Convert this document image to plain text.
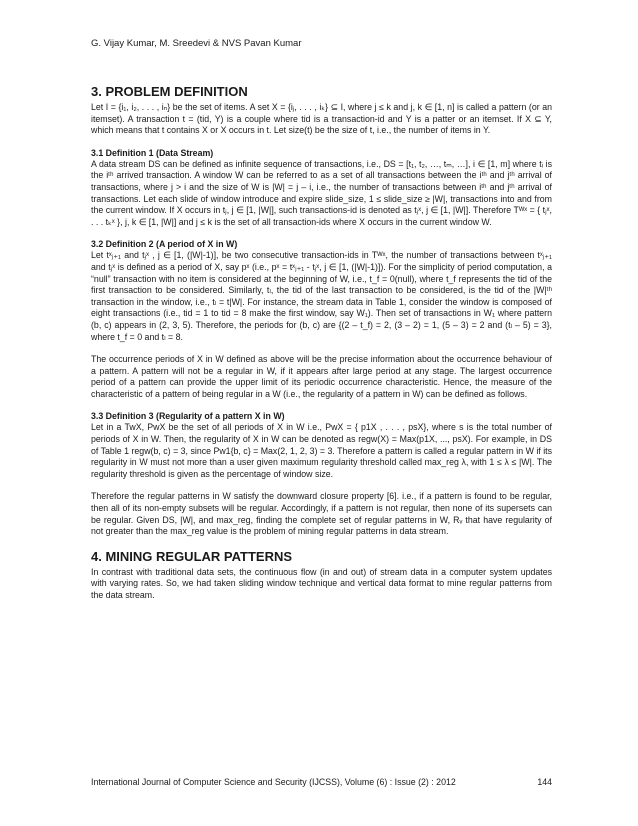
G. Vijay Kumar, M. Sreedevi & NVS Pavan Kumar
3. PROBLEM DEFINITION

Let I = {i₁, i₂, . . . , iₙ} be the set of items. A set X = {iⱼ, . . . , iₖ} ⊆ I, where j ≤ k and j, k ∈ [1, n] is called a pattern (or an itemset). A transaction t = (tid, Y) is a couple where tid is a transaction-id and Y is a patter or an itemset. If X ⊆ Y, which means that t contains X or X occurs in t. Let size(t) be the size of t, i.e., the number of items in Y.

3.1 Definition 1 (Data Stream)

A data stream DS can be defined as infinite sequence of transactions, i.e., DS = [t₁, t₂, …, tₘ, …], i ∈ [1, m] where tᵢ is the iᵗʰ arrived transaction. A window W can be referred to as a set of all transactions between the iᵗʰ and jᵗʰ arrival of transactions, where j > i and the size of W is |W| = j – i, i.e., the number of transactions between iᵗʰ and jᵗʰ arrival of transactions. Let each slide of window introduce and expire slide_size, 1 ≤ slide_size ≥ |W|, transactions into and from the current window. If X occurs in tⱼ, j ∈ [1, |W|], such transactions-id is denoted as tⱼˣ, j ∈ [1, |W|]. Therefore Tᵂˣ = { tⱼˣ, . . . tₖˣ }, j, k ∈ [1, |W|] and j ≤ k is the set of all transaction-ids where X occurs in the current window W.

3.2 Definition 2 (A period of X in W)

Let tˣⱼ₊₁ and tⱼˣ , j ∈ [1, (|W|-1)], be two consecutive transaction-ids in Tᵂˣ, the number of transactions between tˣⱼ₊₁ and tⱼˣ is defined as a period of X, say pˣ (i.e., pˣ = tˣⱼ₊₁ - tⱼˣ, j ∈ [1, (|W|-1)]). For the simplicity of period computation, a “null” transaction with no item is considered at the beginning of W, i.e., t_f = 0(null), where t_f represents the tid of the first transaction to be considered. Similarly, tₗ, the tid of the last transaction to be considered, is the tid of the |W|ᵗʰ transaction in the window, i.e., tₗ = t|W|. For instance, the stream data in Table 1, consider the window is composed of eight transactions (i.e., tid = 1 to tid = 8 make the first window, say W₁). Then set of transactions in W₁ where pattern (b, c) appears in (2, 3, 5). Therefore, the periods for (b, c) are {(2 – t_f) = 2, (3 – 2) = 1, (5 – 3) = 2 and (tₗ – 5) = 3}, where t_f = 0 and tₗ = 8.

The occurrence periods of X in W defined as above will be the precise information about the occurrence behaviour of a pattern. A pattern will not be a regular in W, if it appears after large period at any stage. The largest occurrence period of a pattern can provide the upper limit of its periodic occurrence characteristic. Hence, the measure of the characteristic of a pattern of being regular in a W (i.e., the regularity of a pattern in W) can be defined as follows.

3.3 Definition 3 (Regularity of a pattern X in W)

Let in a TwX, PwX be the set of all periods of X in W i.e., PwX = { p1X , . . . , psX}, where s is the total number of periods of X in W. Then, the regularity of X in W can be denoted as regw(X) = Max(p1X, ..., psX). For example, in DS of Table 1 regw(b, c) = 3, since Pw1{b, c} = Max(2, 1, 2, 3) = 3. Therefore a pattern is called a regular pattern in W if its regularity in W must not more than a user given maximum regularity threshold called max_reg λ, with 1 ≤ λ ≤ |W|. The regularity threshold is given as the percentage of window size.

Therefore the regular patterns in W satisfy the downward closure property [6]. i.e., if a pattern is found to be regular, then all of its non-empty subsets will be regular. Accordingly, if a pattern is not regular, then none of its supersets can be regular. Given DS, |W|, and max_reg, finding the complete set of regular patterns in W, Rᵥ that have regularity of not greater than the max_reg value is the problem of mining regular patterns in data stream.

4. MINING REGULAR PATTERNS

In contrast with traditional data sets, the continuous flow (in and out) of stream data in a computer system updates with varying rates. So, we had taken sliding window technique and vertical data format to mine regular patterns from the data stream.

International Journal of Computer Science and Security (IJCSS), Volume (6) : Issue (2) : 2012	144
